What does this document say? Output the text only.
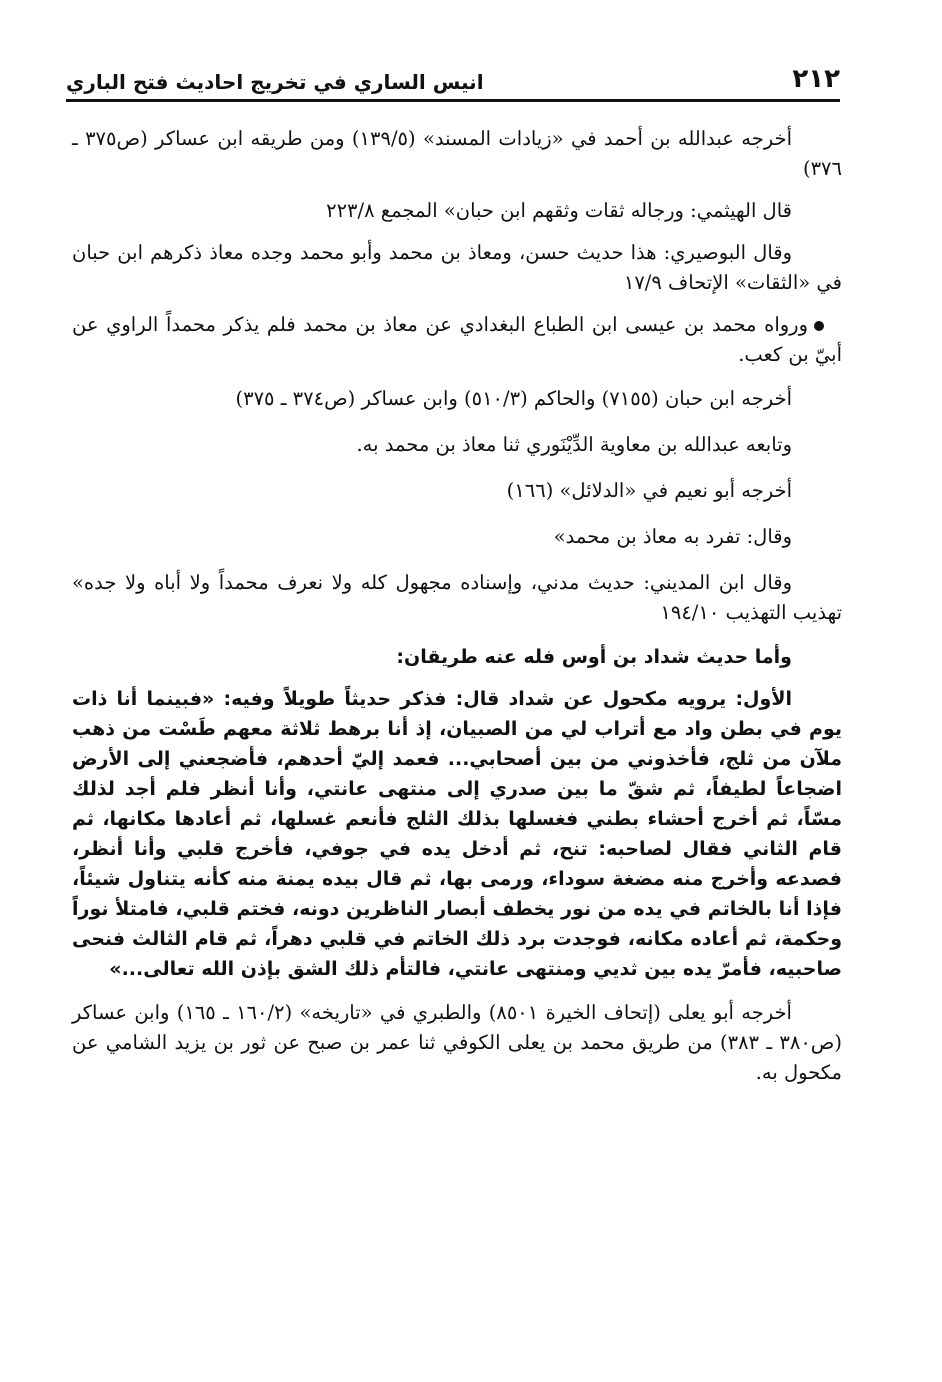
٢١٢
انيس الساري في تخريج احاديث فتح الباري

أخرجه عبدالله بن أحمد في «زيادات المسند» (١٣٩/٥) ومن طريقه ابن عساكر (ص٣٧٥ ـ ٣٧٦)

قال الهيثمي: ورجاله ثقات وثقهم ابن حبان» المجمع ٢٢٣/٨

وقال البوصيري: هذا حديث حسن، ومعاذ بن محمد وأبو محمد وجده معاذ ذكرهم ابن حبان في «الثقات» الإتحاف ١٧/٩

ورواه محمد بن عيسى ابن الطباع البغدادي عن معاذ بن محمد فلم يذكر محمداً الراوي عن أبيّ بن كعب.

أخرجه ابن حبان (٧١٥٥) والحاكم (٥١٠/٣) وابن عساكر (ص٣٧٤ ـ ٣٧٥)

وتابعه عبدالله بن معاوية الدِّيْنَوري ثنا معاذ بن محمد به.

أخرجه أبو نعيم في «الدلائل» (١٦٦)

وقال: تفرد به معاذ بن محمد»

وقال ابن المديني: حديث مدني، وإسناده مجهول كله ولا نعرف محمداً ولا أباه ولا جده» تهذيب التهذيب ١٩٤/١٠

وأما حديث شداد بن أوس فله عنه طريقان:

الأول: يرويه مكحول عن شداد قال: فذكر حديثاً طويلاً وفيه: «فبينما أنا ذات يوم في بطن واد مع أتراب لي من الصبيان، إذ أنا برهط ثلاثة معهم طَسْت من ذهب ملآن من ثلج، فأخذوني من بين أصحابي... فعمد إليّ أحدهم، فأضجعني إلى الأرض اضجاعاً لطيفاً، ثم شقّ ما بين صدري إلى منتهى عانتي، وأنا أنظر فلم أجد لذلك مسّاً، ثم أخرج أحشاء بطني فغسلها بذلك الثلج فأنعم غسلها، ثم أعادها مكانها، ثم قام الثاني فقال لصاحبه: تنح، ثم أدخل يده في جوفي، فأخرج قلبي وأنا أنظر، فصدعه وأخرج منه مضغة سوداء، ورمى بها، ثم قال بيده يمنة منه كأنه يتناول شيئاً، فإذا أنا بالخاتم في يده من نور يخطف أبصار الناظرين دونه، فختم قلبي، فامتلأ نوراً وحكمة، ثم أعاده مكانه، فوجدت برد ذلك الخاتم في قلبي دهراً، ثم قام الثالث فنحى صاحبيه، فأمرّ يده بين ثديي ومنتهى عانتي، فالتأم ذلك الشق بإذن الله تعالى...»

أخرجه أبو يعلى (إتحاف الخيرة ٨٥٠١) والطبري في «تاريخه» (١٦٠/٢ ـ ١٦٥) وابن عساكر (ص٣٨٠ ـ ٣٨٣) من طريق محمد بن يعلى الكوفي ثنا عمر بن صبح عن ثور بن يزيد الشامي عن مكحول به.
